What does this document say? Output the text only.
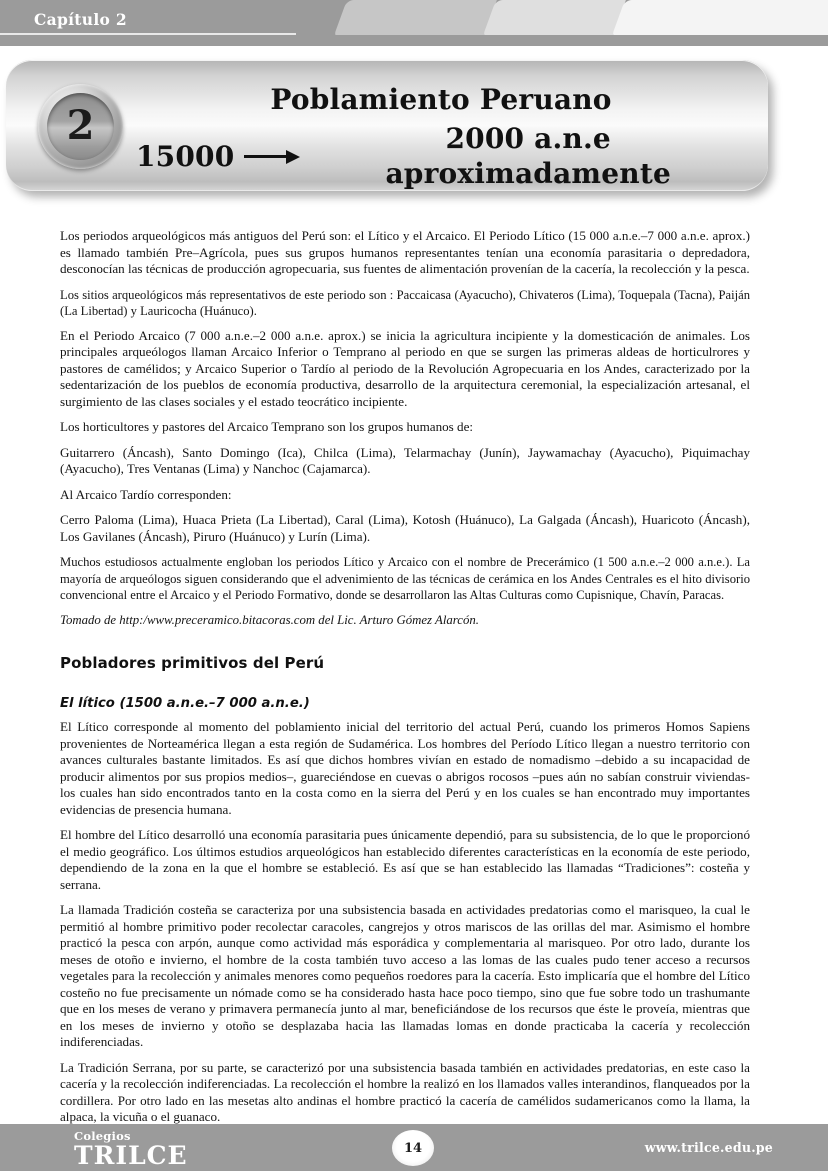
Capítulo 2
2
Poblamiento Peruano
15000
2000 a.n.e aproximadamente

Los periodos arqueológicos más antiguos del Perú son: el Lítico y el Arcaico. El Periodo Lítico (15 000 a.n.e.–7 000 a.n.e. aprox.) es llamado también Pre–Agrícola, pues sus grupos humanos representantes tenían una economía parasitaria o depredadora, desconocían las técnicas de producción agropecuaria, sus fuentes de alimentación provenían de la cacería, la recolección y la pesca.

Los sitios arqueológicos más representativos de este periodo son : Paccaicasa (Ayacucho), Chivateros (Lima), Toquepala (Tacna), Paiján (La Libertad) y Lauricocha (Huánuco).

En el Periodo Arcaico (7 000 a.n.e.–2 000 a.n.e. aprox.) se inicia la agricultura incipiente y la domesticación de animales. Los principales arqueólogos llaman Arcaico Inferior o Temprano al periodo en que se surgen las primeras aldeas de horticulrores y pastores de camélidos; y Arcaico Superior o Tardío al periodo de la Revolución Agropecuaria en los Andes, caracterizado por la sedentarización de los pueblos de economía productiva, desarrollo de la arquitectura ceremonial, la especialización artesanal, el surgimiento de las clases sociales y el estado teocrático incipiente.

Los horticultores y pastores del Arcaico Temprano son los grupos humanos de:

Guitarrero (Áncash), Santo Domingo (Ica), Chilca (Lima), Telarmachay (Junín), Jaywamachay (Ayacucho), Piquimachay (Ayacucho), Tres Ventanas (Lima) y Nanchoc (Cajamarca).

Al Arcaico Tardío corresponden:

Cerro Paloma (Lima), Huaca Prieta (La Libertad), Caral (Lima), Kotosh (Huánuco), La Galgada (Áncash), Huaricoto (Áncash), Los Gavilanes (Áncash), Piruro (Huánuco) y Lurín (Lima).

Muchos estudiosos actualmente engloban los periodos Lítico y Arcaico con el nombre de Precerámico (1 500 a.n.e.–2 000 a.n.e.). La mayoría de arqueólogos siguen considerando que el advenimiento de las técnicas de cerámica en los Andes Centrales es el hito divisorio convencional entre el Arcaico y el Periodo Formativo, donde se desarrollaron las Altas Culturas como Cupisnique, Chavín, Paracas.

Tomado de http:/www.preceramico.bitacoras.com del Lic. Arturo Gómez Alarcón.

Pobladores primitivos del Perú
El lítico (1500 a.n.e.–7 000 a.n.e.)

El Lítico corresponde al momento del poblamiento inicial del territorio del actual Perú, cuando los primeros Homos Sapiens provenientes de Norteamérica llegan a esta región de Sudamérica. Los hombres del Período Lítico llegan a nuestro territorio con avances culturales bastante limitados. Es así que dichos hombres vivían en estado de nomadismo –debido a su incapacidad de producir alimentos por sus propios medios–, guareciéndose en cuevas o abrigos rocosos –pues aún no sabían construir viviendas- los cuales han sido encontrados tanto en la costa como en la sierra del Perú y en los cuales se han encontrado muy importantes evidencias de presencia humana.

El hombre del Lítico desarrolló una economía parasitaria pues únicamente dependió, para su subsistencia, de lo que le proporcionó el medio geográfico. Los últimos estudios arqueológicos han establecido diferentes características en la economía de este periodo, dependiendo de la zona en la que el hombre se estableció. Es así que se han establecido las llamadas “Tradiciones”: costeña y serrana.

La llamada Tradición costeña se caracteriza por una subsistencia basada en actividades predatorias como el marisqueo, la cual le permitió al hombre primitivo poder recolectar caracoles, cangrejos y otros mariscos de las orillas del mar. Asimismo el hombre practicó la pesca con arpón, aunque como actividad más esporádica y complementaria al marisqueo. Por otro lado, durante los meses de otoño e invierno, el hombre de la costa también tuvo acceso a las lomas de las cuales pudo tener acceso a recursos vegetales para la recolección y animales menores como pequeños roedores para la cacería. Esto implicaría que el hombre del Lítico costeño no fue precisamente un nómade como se ha considerado hasta hace poco tiempo, sino que fue sobre todo un trashumante que en los meses de verano y primavera permanecía junto al mar, beneficiándose de los recursos que éste le proveía, mientras que en los meses de invierno y otoño se desplazaba hacia las llamadas lomas en donde practicaba la cacería y recolección indiferenciadas.

La Tradición Serrana, por su parte, se caracterizó por una subsistencia basada también en actividades predatorias, en este caso la cacería y la recolección indiferenciadas. La recolección el hombre la realizó en los llamados valles interandinos, flanqueados por la cordillera. Por otro lado en las mesetas alto andinas el hombre practicó la cacería de camélidos sudamericanos como la llama, la alpaca, la vicuña o el guanaco.

Colegios
TRILCE	14	www.trilce.edu.pe
